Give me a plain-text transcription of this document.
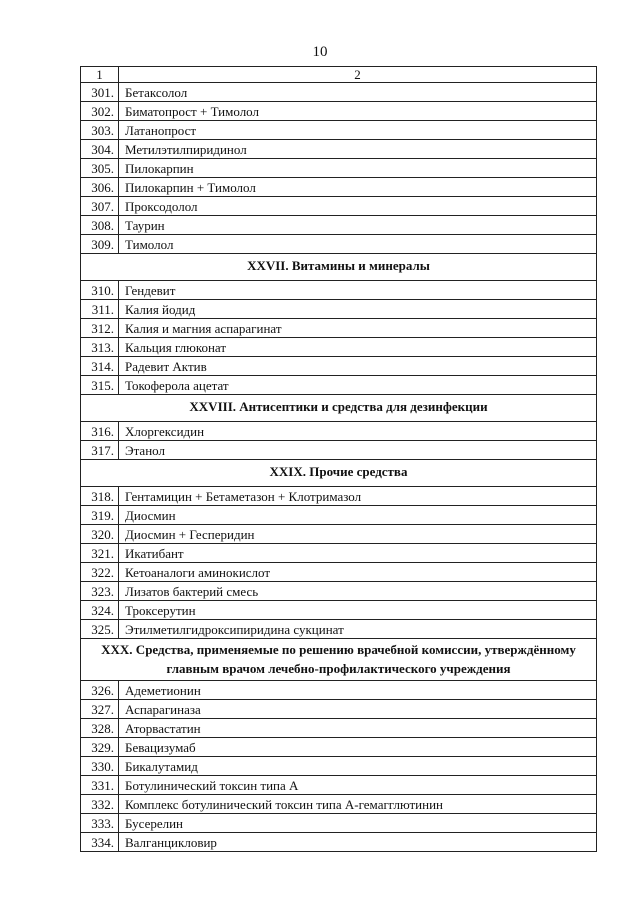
10
1	2
301.	Бетаксолол
302.	Биматопрост + Тимолол
303.	Латанопрост
304.	Метилэтилпиридинол
305.	Пилокарпин
306.	Пилокарпин + Тимолол
307.	Проксодолол
308.	Таурин
309.	Тимолол
XXVII. Витамины и минералы	
310.	Гендевит
311.	Калия йодид
312.	Калия и магния аспарагинат
313.	Кальция глюконат
314.	Радевит Актив
315.	Токоферола ацетат
XXVIII. Антисептики и средства для дезинфекции	
316.	Хлоргексидин
317.	Этанол
XXIX. Прочие средства	
318.	Гентамицин + Бетаметазон + Клотримазол
319.	Диосмин
320.	Диосмин + Гесперидин
321.	Икатибант
322.	Кетоаналоги аминокислот
323.	Лизатов бактерий смесь
324.	Троксерутин
325.	Этилметилгидроксипиридина сукцинат
XXX. Средства, применяемые по решению врачебной комиссии, утверждённому главным врачом лечебно-профилактического учреждения	
326.	Адеметионин
327.	Аспарагиназа
328.	Аторвастатин
329.	Бевацизумаб
330.	Бикалутамид
331.	Ботулинический токсин типа А
332.	Комплекс ботулинический токсин типа А-гемагглютинин
333.	Бусерелин
334.	Валганцикловир
